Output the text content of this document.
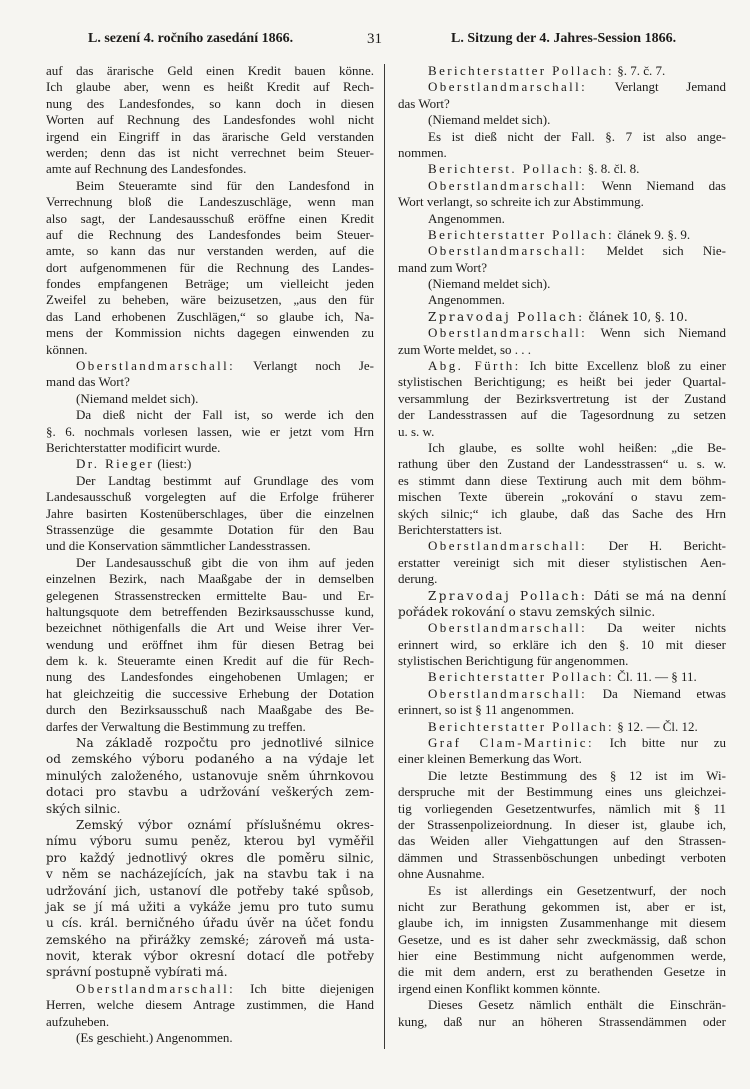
L. sezení 4. ročního zasedání 1866.	31	L. Sitzung der 4. Jahres-Session 1866.
auf das ärarische Geld einen Kredit bauen könne.
Ich glaube aber, wenn es heißt Kredit auf Rech-
nung des Landesfondes, so kann doch in diesen
Worten auf Rechnung des Landesfondes wohl nicht
irgend ein Eingriff in das ärarische Geld verstanden
werden; denn das ist nicht verrechnet beim Steuer-
amte auf Rechnung des Landesfondes.
Beim Steueramte sind für den Landesfond in
Verrechnung bloß die Landeszuschläge, wenn man
also sagt, der Landesausschuß eröffne einen Kredit
auf die Rechnung des Landesfondes beim Steuer-
amte, so kann das nur verstanden werden, auf die
dort aufgenommenen für die Rechnung des Landes-
fondes empfangenen Beträge; um vielleicht jeden
Zweifel zu beheben, wäre beizusetzen, „aus den für
das Land erhobenen Zuschlägen,“ so glaube ich, Na-
mens der Kommission nichts dagegen einwenden zu
können.
Oberstlandmarschall: Verlangt noch Je-
mand das Wort?
(Niemand meldet sich).
Da dieß nicht der Fall ist, so werde ich den
§. 6. nochmals vorlesen lassen, wie er jetzt vom Hrn
Berichterstatter modificirt wurde.
Dr. Rieger (liest:)
Der Landtag bestimmt auf Grundlage des vom
Landesausschuß vorgelegten auf die Erfolge früherer
Jahre basirten Kostenüberschlages, über die einzelnen
Strassenzüge die gesammte Dotation für den Bau
und die Konservation sämmtlicher Landesstrassen.
Der Landesausschuß gibt die von ihm auf jeden
einzelnen Bezirk, nach Maaßgabe der in demselben
gelegenen Strassenstrecken ermittelte Bau- und Er-
haltungsquote dem betreffenden Bezirksausschusse kund,
bezeichnet nöthigenfalls die Art und Weise ihrer Ver-
wendung und eröffnet ihm für diesen Betrag bei
dem k. k. Steueramte einen Kredit auf die für Rech-
nung des Landesfondes eingehobenen Umlagen; er
hat gleichzeitig die successive Erhebung der Dotation
durch den Bezirksausschuß nach Maaßgabe des Be-
darfes der Verwaltung die Bestimmung zu treffen.
Na základě rozpočtu pro jednotlivé silnice
od zemského výboru podaného a na výdaje let
minulých založeného, ustanovuje sněm úhrnkovou
dotaci pro stavbu a udržování veškerých zem-
ských silnic.
Zemský výbor oznámí příslušnému okres-
nímu výboru sumu peněz, kterou byl vyměřil
pro každý jednotlivý okres dle poměru silnic,
v něm se nacházejících, jak na stavbu tak i na
udržování jich, ustanoví dle potřeby také spůsob,
jak se jí má užiti a vykáže jemu pro tuto sumu
u cís. král. berničného úřadu úvěr na účet fondu
zemského na přirážky zemské; zároveň má usta-
novit, kterak výbor okresní dotací dle potřeby
správní postupně vybírati má.
Oberstlandmarschall: Ich bitte diejenigen
Herren, welche diesem Antrage zustimmen, die Hand
aufzuheben.
(Es geschieht.) Angenommen.
Berichterstatter Pollach: §. 7. č. 7.
Oberstlandmarschall: Verlangt Jemand
das Wort?
(Niemand meldet sich).
Es ist dieß nicht der Fall. §. 7 ist also ange-
nommen.
Berichterst. Pollach: §. 8. čl. 8.
Oberstlandmarschall: Wenn Niemand das
Wort verlangt, so schreite ich zur Abstimmung.
Angenommen.
Berichterstatter Pollach: článek 9. §. 9.
Oberstlandmarschall: Meldet sich Nie-
mand zum Wort?
(Niemand meldet sich).
Angenommen.
Zpravodaj Pollach: článek 10, §. 10.
Oberstlandmarschall: Wenn sich Niemand
zum Worte meldet, so . . .
Abg. Fürth: Ich bitte Excellenz bloß zu einer
stylistischen Berichtigung; es heißt bei jeder Quartal-
versammlung der Bezirksvertretung ist der Zustand
der Landesstrassen auf die Tagesordnung zu setzen
u. s. w.
Ich glaube, es sollte wohl heißen: „die Be-
rathung über den Zustand der Landesstrassen“ u. s. w.
es stimmt dann diese Textirung auch mit dem böhm-
mischen Texte überein „rokování o stavu zem-
ských silnic;“ ich glaube, daß das Sache des Hrn
Berichterstatters ist.
Oberstlandmarschall: Der H. Bericht-
erstatter vereinigt sich mit dieser stylistischen Aen-
derung.
Zpravodaj Pollach: Dáti se má na denní
pořádek rokování o stavu zemských silnic.
Oberstlandmarschall: Da weiter nichts
erinnert wird, so erkläre ich den §. 10 mit dieser
stylistischen Berichtigung für angenommen.
Berichterstatter Pollach: Čl. 11. — § 11.
Oberstlandmarschall: Da Niemand etwas
erinnert, so ist § 11 angenommen.
Berichterstatter Pollach: § 12. — Čl. 12.
Graf Clam-Martinic: Ich bitte nur zu
einer kleinen Bemerkung das Wort.
Die letzte Bestimmung des § 12 ist im Wi-
derspruche mit der Bestimmung eines uns gleichzei-
tig vorliegenden Gesetzentwurfes, nämlich mit § 11
der Strassenpolizeiordnung. In dieser ist, glaube ich,
das Weiden aller Viehgattungen auf den Strassen-
dämmen und Strassenböschungen unbedingt verboten
ohne Ausnahme.
Es ist allerdings ein Gesetzentwurf, der noch
nicht zur Berathung gekommen ist, aber er ist,
glaube ich, im innigsten Zusammenhange mit diesem
Gesetze, und es ist daher sehr zweckmässig, daß schon
hier eine Bestimmung nicht aufgenommen werde,
die mit dem andern, erst zu berathenden Gesetze in
irgend einen Konflikt kommen könnte.
Dieses Gesetz nämlich enthält die Einschrän-
kung, daß nur an höheren Strassendämmen oder
